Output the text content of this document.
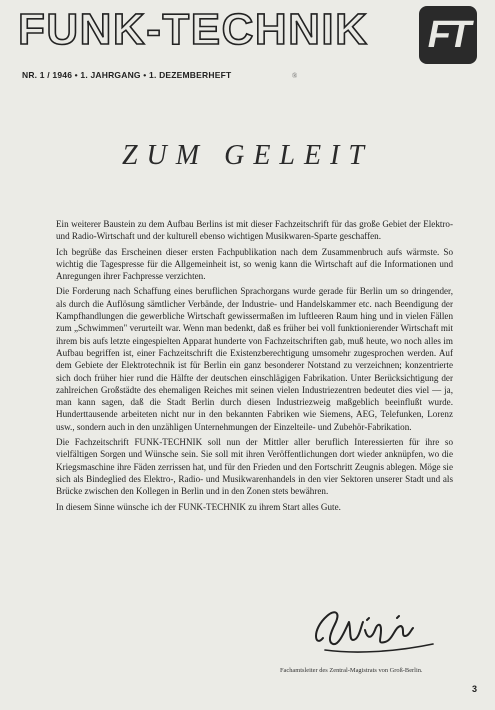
FUNK-TECHNIK FT
NR. 1 / 1946 • 1. JAHRGANG • 1. DEZEMBERHEFT	®
ZUM GELEIT

Ein weiterer Baustein zu dem Aufbau Berlins ist mit dieser Fachzeitschrift für das große Gebiet der Elektro- und Radio-Wirtschaft und der kulturell ebenso wichtigen Musikwaren-Sparte geschaffen.

Ich begrüße das Erscheinen dieser ersten Fachpublikation nach dem Zusammenbruch aufs wärmste. So wichtig die Tagespresse für die Allgemeinheit ist, so wenig kann die Wirtschaft auf die Informationen und Anregungen ihrer Fachpresse verzichten.

Die Forderung nach Schaffung eines beruflichen Sprachorgans wurde gerade für Berlin um so dringender, als durch die Auflösung sämtlicher Verbände, der Industrie- und Handelskammer etc. nach Beendigung der Kampfhandlungen die gewerbliche Wirtschaft gewissermaßen im luftleeren Raum hing und in vielen Fällen zum „Schwimmen" verurteilt war. Wenn man bedenkt, daß es früher bei voll funktionierender Wirtschaft mit ihrem bis aufs letzte eingespielten Apparat hunderte von Fachzeitschriften gab, muß heute, wo noch alles im Aufbau begriffen ist, einer Fachzeitschrift die Existenzberechtigung umsomehr zugesprochen werden. Auf dem Gebiete der Elektrotechnik ist für Berlin ein ganz besonderer Notstand zu verzeichnen; konzentrierte sich doch früher hier rund die Hälfte der deutschen einschlägigen Fabrikation. Unter Berücksichtigung der zahlreichen Großstädte des ehemaligen Reiches mit seinen vielen Industriezentren bedeutet dies viel — ja, man kann sagen, daß die Stadt Berlin durch diesen Industriezweig maßgeblich beeinflußt wurde. Hunderttausende arbeiteten nicht nur in den bekannten Fabriken wie Siemens, AEG, Telefunken, Lorenz usw., sondern auch in den unzähligen Unternehmungen der Einzelteile- und Zubehör-Fabrikation.

Die Fachzeitschrift FUNK-TECHNIK soll nun der Mittler aller beruflich Interessierten für ihre so vielfältigen Sorgen und Wünsche sein. Sie soll mit ihren Veröffentlichungen dort wieder anknüpfen, wo die Kriegsmaschine ihre Fäden zerrissen hat, und für den Frieden und den Fortschritt Zeugnis ablegen. Möge sie sich als Bindeglied des Elektro-, Radio- und Musikwarenhandels in den vier Sektoren unserer Stadt und als Brücke zwischen den Kollegen in Berlin und in den Zonen stets bewähren.

In diesem Sinne wünsche ich der FUNK-TECHNIK zu ihrem Start alles Gute.

Fachamtsleiter des Zentral-Magistrats von Groß-Berlin.
3
